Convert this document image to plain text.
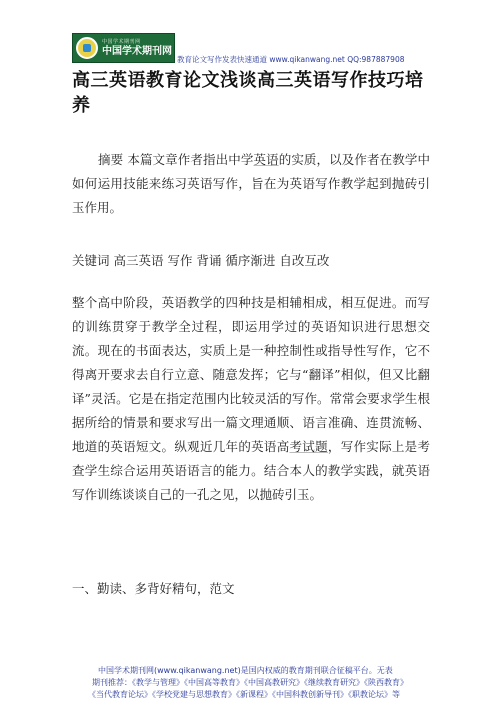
中国学术期刊网
中国学术期刊网
教育论文写作发表快速通道 www.qikanwang.net QQ:987887908
高三英语教育论文浅谈高三英语写作技巧培养

摘要 本篇文章作者指出中学英语的实质，以及作者在教学中如何运用技能来练习英语写作，旨在为英语写作教学起到抛砖引玉作用。

关键词 高三英语 写作 背诵 循序渐进 自改互改

整个高中阶段，英语教学的四种技是相辅相成，相互促进。而写的训练贯穿于教学全过程，即运用学过的英语知识进行思想交流。现在的书面表达，实质上是一种控制性或指导性写作，它不得离开要求去自行立意、随意发挥；它与“翻译”相似，但又比翻译”灵活。它是在指定范围内比较灵活的写作。常常会要求学生根据所给的情景和要求写出一篇文理通顺、语言准确、连贯流畅、地道的英语短文。纵观近几年的英语高考试题，写作实际上是考查学生综合运用英语语言的能力。结合本人的教学实践，就英语写作训练谈谈自己的一孔之见，以抛砖引玉。

一、勤读、多背好精句，范文

中国学术期刊网(www.qikanwang.net)是国内权威的教育期刊联合征稿平台。无表
期刊推荐：《教学与管理》《中国高等教育》《中国高教研究》《继续教育研究》《陕西教育》
《当代教育论坛》《学校党建与思想教育》《新课程》《中国科教创新导刊》《职教论坛》等
